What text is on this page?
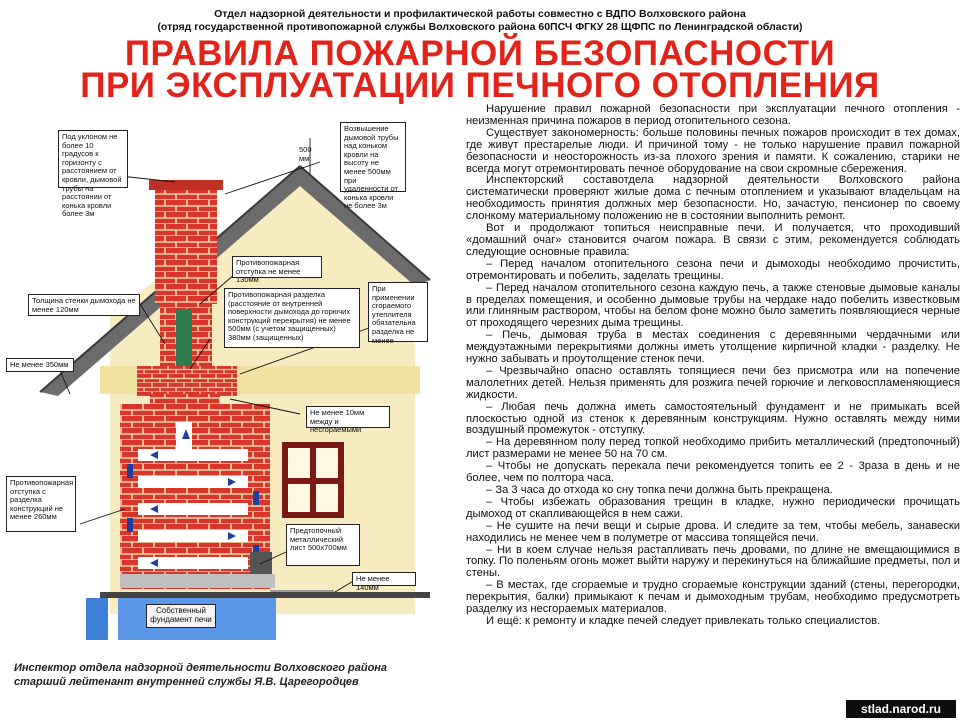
Отдел надзорной деятельности и профилактической работы совместно с ВДПО Волховского района
(отряд государственной противопожарной службы Волховского района 60ПСЧ ФГКУ 28 ЩФПС по Ленинградской области)
ПРАВИЛА ПОЖАРНОЙ БЕЗОПАСНОСТИ
ПРИ ЭКСПЛУАТАЦИИ ПЕЧНОГО ОТОПЛЕНИЯ
Под уклоном не более 10 градусов к горизонту с расстоянием от кровли, дымовой трубы на расстоянии от конька кровли более 3м
Возвышение дымовой трубы над коньком кровли на высоту не менее 500мм при удаленности от конька кровли не более 3м
500 мм
Противопожарная отступка не менее 130мм
Толщина стенки дымохода не менее 120мм
Противопожарная разделка (расстояние от внутренней поверхности дымохода до горючих конструкций перекрытия) не менее 500мм (с учетом защищенных) 380мм (защищенных)
При применении сгораемого утеплителя обязательна разделка не менее
Не менее 350мм
Не менее 10мм между и несгораемыми
Противопожарная отступка с разделка конструкций не менее 260мм
Предтопочный металлический лист 500х700мм
Не менее 140мм
Собственный фундамент печи

Нарушение правил пожарной безопасности при эксплуатации печного отопления - неизменная причина пожаров в период отопительного сезона.

Существует закономерность: больше половины печных пожаров происходит в тех домах, где живут престарелые люди. И причиной тому - не только нарушение правил пожарной безопасности и неосторожность из-за плохого зрения и памяти. К сожалению, старики не всегда могут отремонтировать печное оборудование на свои скромные сбережения.

Инспекторский составотдела надзорной деятельности Волховского района систематически проверяют жилые дома с печным отоплением и указывают владельцам на необходимость принятия должных мер безопасности. Но, зачастую, пенсионер по своему слонкому материальному положению не в состоянии выполнить ремонт.

Вот и продолжают топиться неисправные печи. И получается, что проходивший «домашний очаг» становится очагом пожара. В связи с этим, рекомендуется соблюдать следующие основные правила:

– Перед началом отопительного сезона печи и дымоходы необходимо прочистить, отремонтировать и побелить, заделать трещины.

– Перед началом отопительного сезона каждую печь, а также стеновые дымовые каналы в пределах помещения, и особенно дымовые трубы на чердаке надо побелить известковым или глиняным раствором, чтобы на белом фоне можно было заметить появляющиеся черные от проходящего черезних дыма трещины.

– Печь, дымовая труба в местах соединения с деревянными чердачными или междуэтажными перекрытиями должны иметь утолщение кирпичной кладки - разделку. Не нужно забывать и проутолщение стенок печи.

– Чрезвычайно опасно оставлять топящиеся печи без присмотра или на попечение малолетних детей. Нельзя применять для розжига печей горючие и легковоспламеняющиеся жидкости.

– Любая печь должна иметь самостоятельный фундамент и не примыкать всей плоскостью одной из стенок к деревянным конструкциям. Нужно оставлять между ними воздушный промежуток - отступку.

– На деревянном полу перед топкой необходимо прибить металлический (предтопочный) лист размерами не менее 50 на 70 см.

– Чтобы не допускать перекала печи рекомендуется топить ее 2 - 3раза в день и не более, чем по полтора часа.

– За 3 часа до отхода ко сну топка печи должна быть прекращена.

– Чтобы избежать образования трещин в кладке, нужно периодически прочищать дымоход от скапливающейся в нем сажи.

– Не сушите на печи вещи и сырые дрова. И следите за тем, чтобы мебель, занавески находились не менее чем в полуметре от массива топящейся печи.

– Ни в коем случае нельзя растапливать печь дровами, по длине не вмещающимися в топку. По поленьям огонь может выйти наружу и перекинуться на ближайшие предметы, пол и стены.

– В местах, где сгораемые и трудно сгораемые конструкции зданий (стены, перегородки, перекрытия, балки) примыкают к печам и дымоходным трубам, необходимо предусмотреть разделку из несгораемых материалов.

И ещё: к ремонту и кладке печей следует привлекать только специалистов.

Инспектор отдела надзорной деятельности Волховского района
старший лейтенант внутренней службы Я.В. Царегородцев
stlad.narod.ru
